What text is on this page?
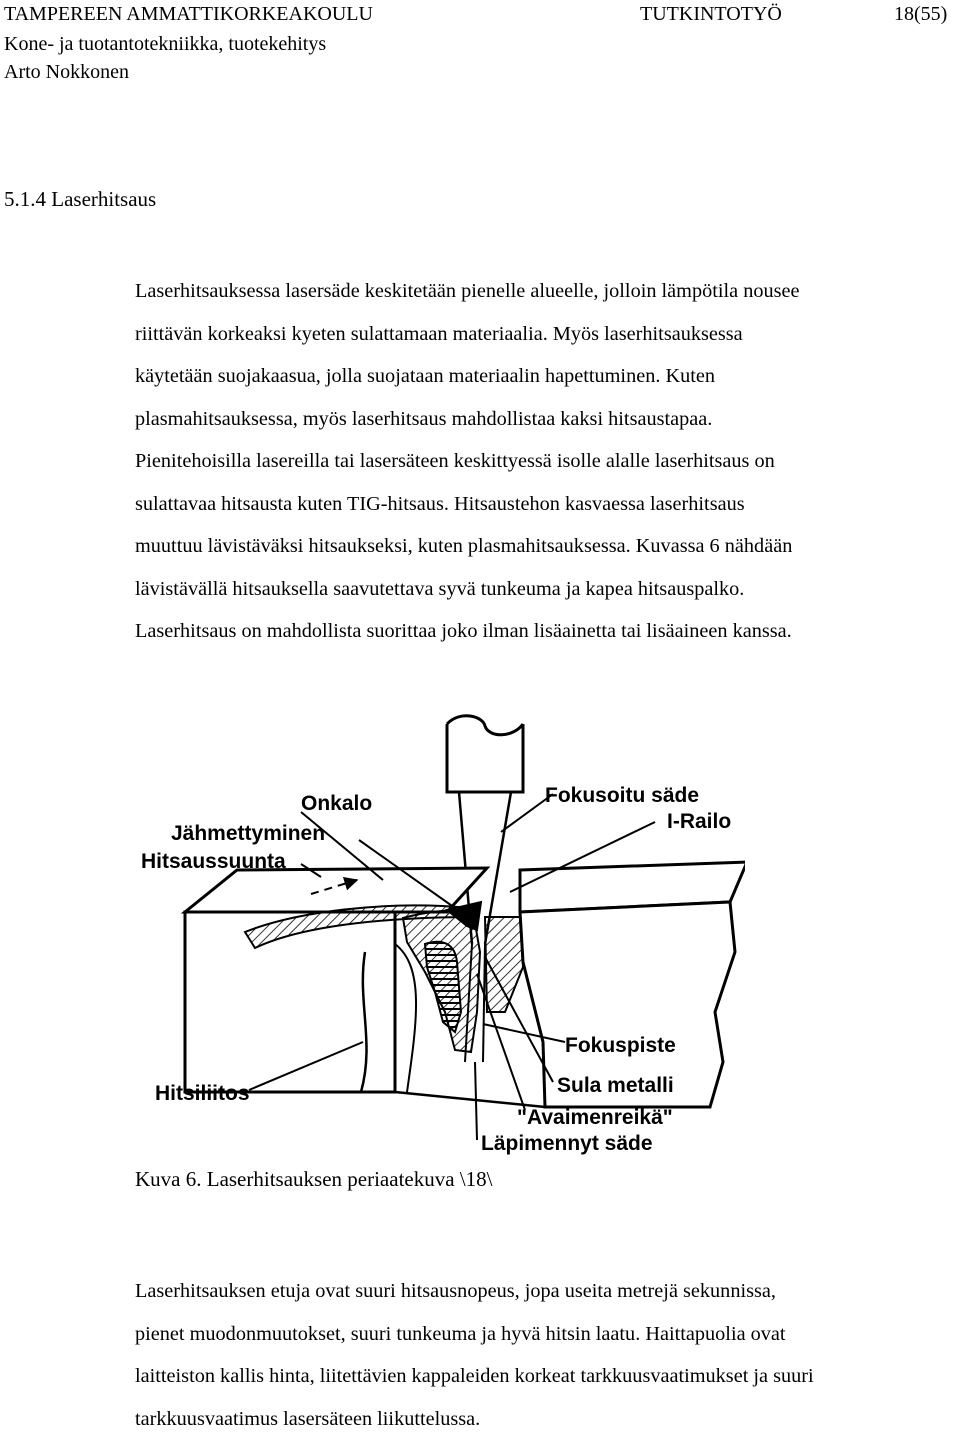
TAMPEREEN AMMATTIKORKEAKOULU	TUTKINTOTYÖ	18(55)
Kone- ja tuotantotekniikka, tuotekehitys
Arto Nokkonen
5.1.4 Laserhitsaus
Laserhitsauksessa lasersäde keskitetään pienelle alueelle, jolloin lämpötila nousee
riittävän korkeaksi kyeten sulattamaan materiaalia. Myös laserhitsauksessa
käytetään suojakaasua, jolla suojataan materiaalin hapettuminen. Kuten
plasmahitsauksessa, myös laserhitsaus mahdollistaa kaksi hitsaustapaa.
Pienitehoisilla lasereilla tai lasersäteen keskittyessä isolle alalle laserhitsaus on
sulattavaa hitsausta kuten TIG-hitsaus. Hitsaustehon kasvaessa laserhitsaus
muuttuu lävistäväksi hitsaukseksi, kuten plasmahitsauksessa. Kuvassa 6 nähdään
lävistävällä hitsauksella saavutettava syvä tunkeuma ja kapea hitsauspalko.
Laserhitsaus on mahdollista suorittaa joko ilman lisäainetta tai lisäaineen kanssa.
Onkalo
Jähmettyminen
Hitsaussuunta
Fokusoitu säde
I-Railo
Fokuspiste
Sula metalli
"Avaimenreikä"
Läpimennyt säde
Hitsiliitos
Kuva 6. Laserhitsauksen periaatekuva \18\
Laserhitsauksen etuja ovat suuri hitsausnopeus, jopa useita metrejä sekunnissa,
pienet muodonmuutokset, suuri tunkeuma ja hyvä hitsin laatu. Haittapuolia ovat
laitteiston kallis hinta, liitettävien kappaleiden korkeat tarkkuusvaatimukset ja suuri
tarkkuusvaatimus lasersäteen liikuttelussa.
